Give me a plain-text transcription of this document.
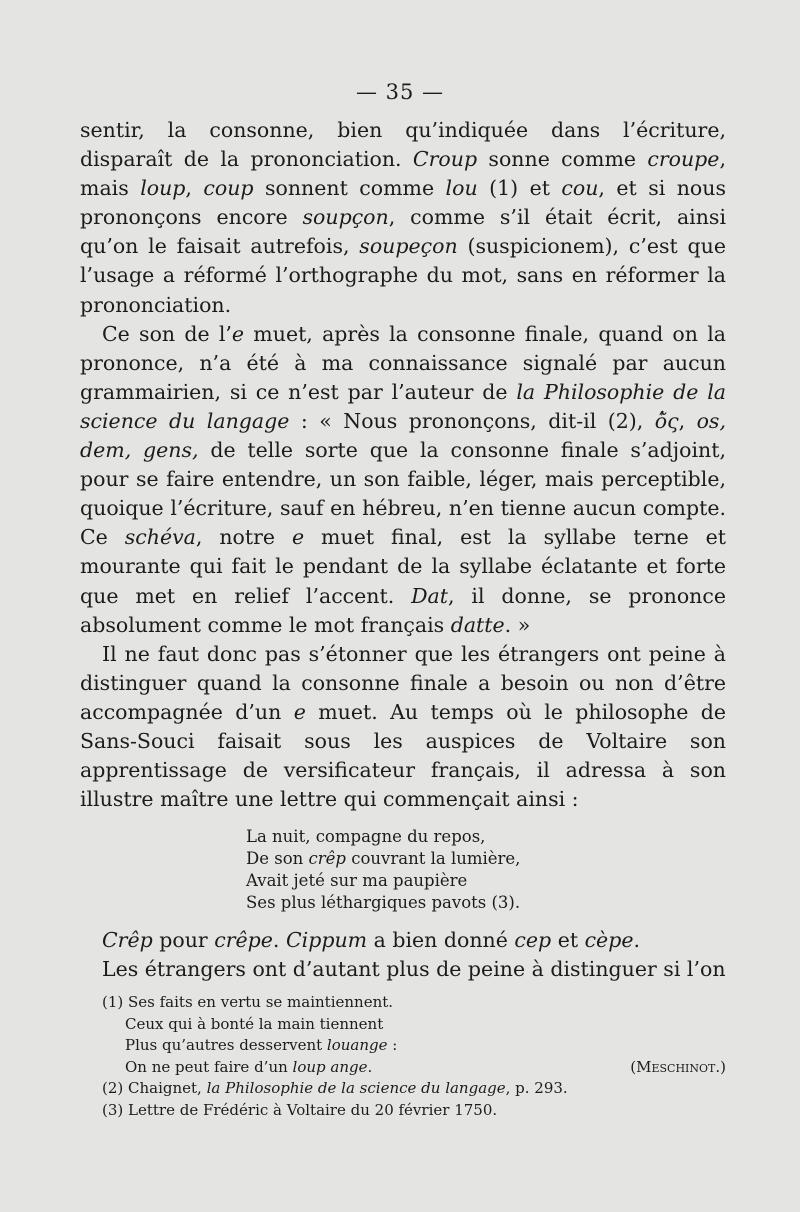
— 35 —

sentir, la consonne, bien qu’indiquée dans l’écriture, disparaît de la prononciation. Croup sonne comme croupe, mais loup, coup sonnent comme lou (1) et cou, et si nous prononçons encore soupçon, comme s’il était écrit, ainsi qu’on le faisait autrefois, soupeçon (suspicionem), c’est que l’usage a réformé l’orthographe du mot, sans en réformer la prononciation.

Ce son de l’e muet, après la consonne finale, quand on la prononce, n’a été à ma connaissance signalé par aucun grammairien, si ce n’est par l’auteur de la Philosophie de la science du langage : « Nous prononçons, dit-il (2), ὀ̃ς, os, dem, gens, de telle sorte que la consonne finale s’adjoint, pour se faire entendre, un son faible, léger, mais perceptible, quoique l’écriture, sauf en hébreu, n’en tienne aucun compte. Ce schéva, notre e muet final, est la syllabe terne et mourante qui fait le pendant de la syllabe éclatante et forte que met en relief l’accent. Dat, il donne, se prononce absolument comme le mot français datte. »

Il ne faut donc pas s’étonner que les étrangers ont peine à distinguer quand la consonne finale a besoin ou non d’être accompagnée d’un e muet. Au temps où le philosophe de Sans-Souci faisait sous les auspices de Voltaire son apprentissage de versificateur français, il adressa à son illustre maître une lettre qui commençait ainsi :

La nuit, compagne du repos,
De son crêp couvrant la lumière,
Avait jeté sur ma paupière
Ses plus léthargiques pavots (3).

Crêp pour crêpe. Cippum a bien donné cep et cèpe.

Les étrangers ont d’autant plus de peine à distinguer si l’on

(1) Ses faits en vertu se maintiennent.
Ceux qui à bonté la main tiennent
Plus qu’autres desservent louange :
On ne peut faire d’un loup ange.	(Meschinot.)
(2) Chaignet, la Philosophie de la science du langage, p. 293.
(3) Lettre de Frédéric à Voltaire du 20 février 1750.
